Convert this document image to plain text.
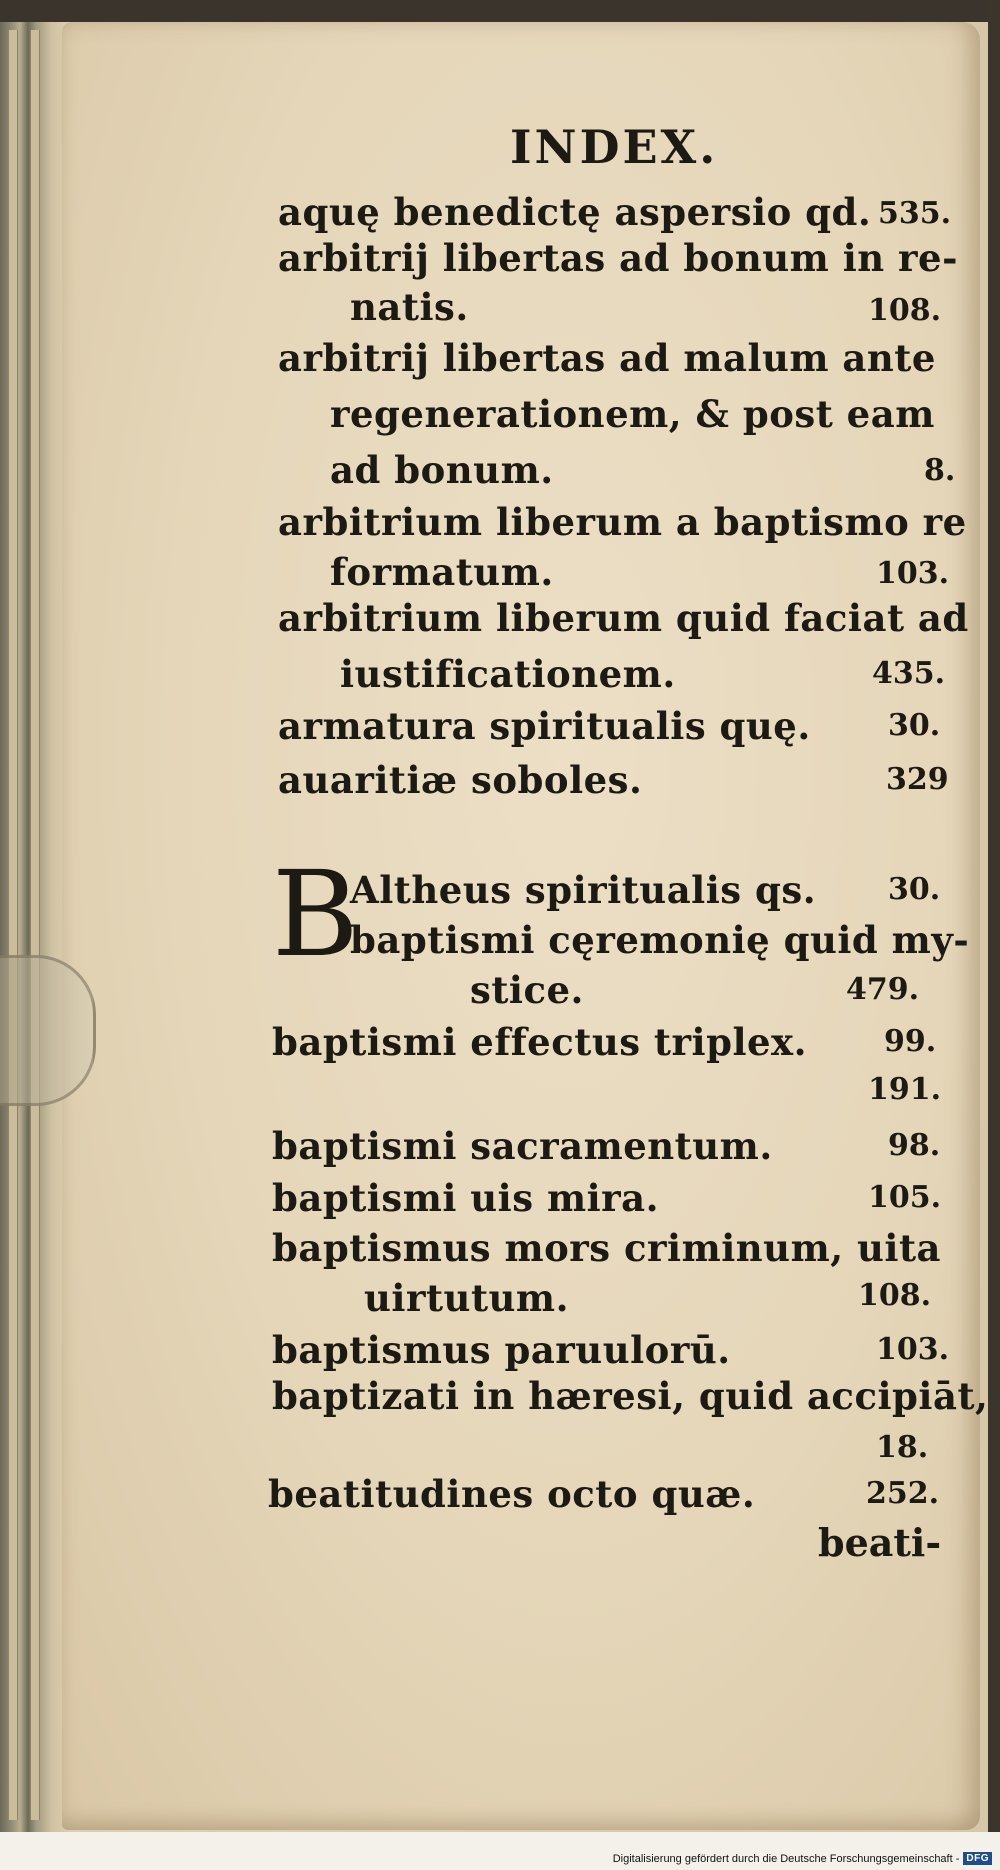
INDEX.
aquę benedictę aspersio qd. 535.
arbitrij libertas ad bonum in re-
natis.	108.
arbitrij libertas ad malum ante
regenerationem, & post eam
ad bonum.	8.
arbitrium liberum a baptismo re
formatum.	103.
arbitrium liberum quid faciat ad
iustificationem.	435.
armatura spiritualis quę.	30.
auaritiæ soboles.	329
B
Altheus spiritualis qs. 30.
baptismi cęremonię quid my-
stice.	479.
baptismi effectus triplex.	99.
191.
baptismi sacramentum.	98.
baptismi uis mira.	105.
baptismus mors criminum, uita
uirtutum.	108.
baptismus paruulorū.	103.
baptizati in hæresi, quid accipiāt,
18.
beatitudines octo quæ.	252.
beati-
Digitalisierung gefördert durch die Deutsche Forschungsgemeinschaft - DFG
